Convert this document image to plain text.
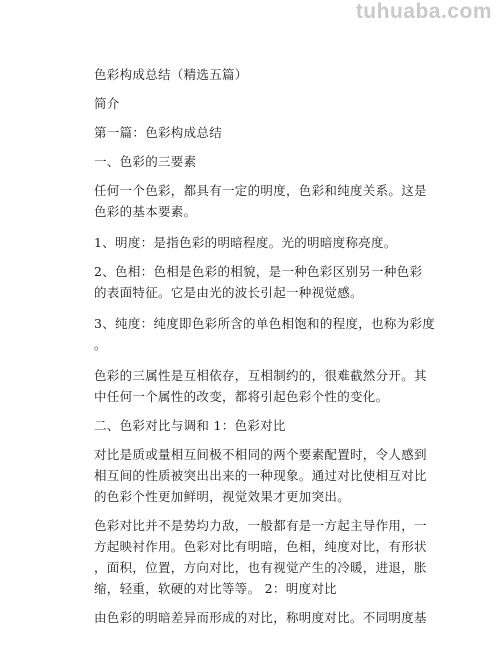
tuhuaba.com
色彩构成总结（精选五篇）
简介
第一篇：色彩构成总结
一、色彩的三要素
任何一个色彩，都具有一定的明度，色彩和纯度关系。这是
色彩的基本要素。
1、明度：是指色彩的明暗程度。光的明暗度称亮度。
2、色相：色相是色彩的相貌，是一种色彩区别另一种色彩
的表面特征。它是由光的波长引起一种视觉感。
3、纯度：纯度即色彩所含的单色相饱和的程度，也称为彩度
。
色彩的三属性是互相依存，互相制约的，很难截然分开。其
中任何一个属性的改变，都将引起色彩个性的变化。
二、色彩对比与调和 1：色彩对比
对比是质或量相互间极不相同的两个要素配置时，令人感到
相互间的性质被突出出来的一种现象。通过对比使相互对比
的色彩个性更加鲜明，视觉效果才更加突出。
色彩对比并不是势均力敌，一般都有是一方起主导作用，一
方起映衬作用。色彩对比有明暗，色相，纯度对比，有形状
，面积，位置，方向对比，也有视觉产生的冷暖，进退，胀
缩，轻重，软硬的对比等等。 2：明度对比
由色彩的明暗差异而形成的对比，称明度对比。不同明度基
